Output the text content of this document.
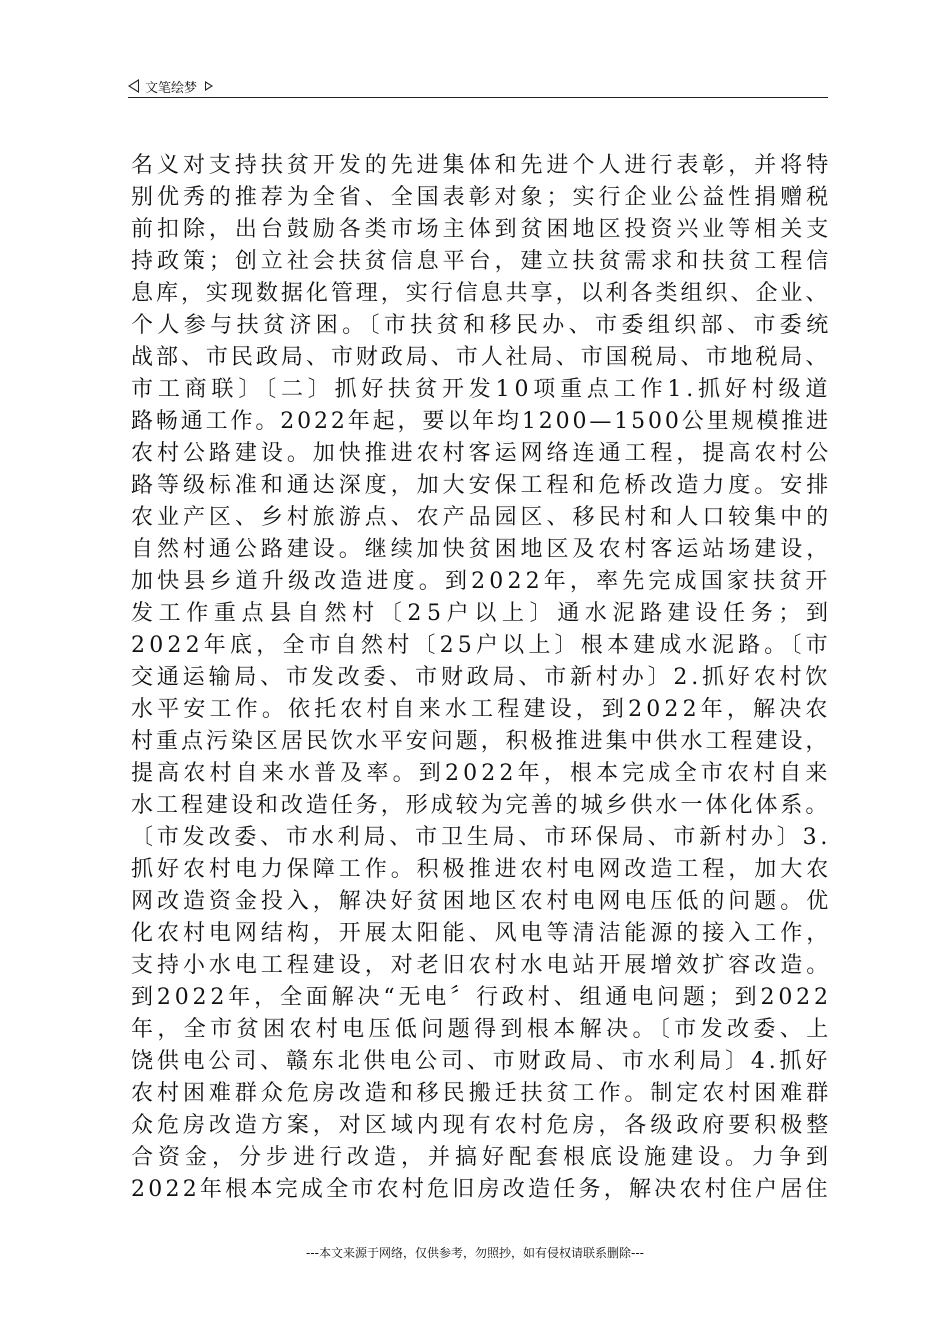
文笔绘梦
名义对支持扶贫开发的先进集体和先进个人进行表彰，并将特
别优秀的推荐为全省、全国表彰对象；实行企业公益性捐赠税
前扣除，出台鼓励各类市场主体到贫困地区投资兴业等相关支
持政策；创立社会扶贫信息平台，建立扶贫需求和扶贫工程信
息库，实现数据化管理，实行信息共享，以利各类组织、企业、
个人参与扶贫济困。〔市扶贫和移民办、市委组织部、市委统
战部、市民政局、市财政局、市人社局、市国税局、市地税局、
市工商联〕〔二〕抓好扶贫开发10项重点工作1.抓好村级道
路畅通工作。2022年起，要以年均1200—1500公里规模推进
农村公路建设。加快推进农村客运网络连通工程，提高农村公
路等级标准和通达深度，加大安保工程和危桥改造力度。安排
农业产区、乡村旅游点、农产品园区、移民村和人口较集中的
自然村通公路建设。继续加快贫困地区及农村客运站场建设，
加快县乡道升级改造进度。到2022年，率先完成国家扶贫开
发工作重点县自然村〔25户以上〕通水泥路建设任务；到
2022年底，全市自然村〔25户以上〕根本建成水泥路。〔市
交通运输局、市发改委、市财政局、市新村办〕2.抓好农村饮
水平安工作。依托农村自来水工程建设，到2022年，解决农
村重点污染区居民饮水平安问题，积极推进集中供水工程建设，
提高农村自来水普及率。到2022年，根本完成全市农村自来
水工程建设和改造任务，形成较为完善的城乡供水一体化体系。
〔市发改委、市水利局、市卫生局、市环保局、市新村办〕3.
抓好农村电力保障工作。积极推进农村电网改造工程，加大农
网改造资金投入，解决好贫困地区农村电网电压低的问题。优
化农村电网结构，开展太阳能、风电等清洁能源的接入工作，
支持小水电工程建设，对老旧农村水电站开展增效扩容改造。
到2022年，全面解决“无电〞行政村、组通电问题；到2022
年，全市贫困农村电压低问题得到根本解决。〔市发改委、上
饶供电公司、赣东北供电公司、市财政局、市水利局〕4.抓好
农村困难群众危房改造和移民搬迁扶贫工作。制定农村困难群
众危房改造方案，对区域内现有农村危房，各级政府要积极整
合资金，分步进行改造，并搞好配套根底设施建设。力争到
2022年根本完成全市农村危旧房改造任务，解决农村住户居住
---本文来源于网络，仅供参考，勿照抄，如有侵权请联系删除---
